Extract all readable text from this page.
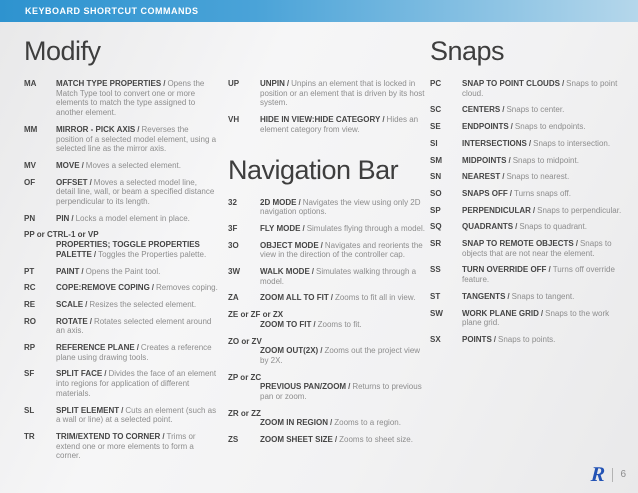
KEYBOARD SHORTCUT COMMANDS
Modify
MA	MATCH TYPE PROPERTIES / Opens the Match Type tool to convert one or more elements to match the type assigned to another element.
MM	MIRROR - PICK AXIS / Reverses the position of a selected model element, using a selected line as the mirror axis.
MV	MOVE / Moves a selected element.
OF	OFFSET / Moves a selected model line, detail line, wall, or beam a specified distance perpendicular to its length.
PN	PIN / Locks a model element in place.
PP or CTRL-1 or VP
PROPERTIES; TOGGLE PROPERTIES PALETTE / Toggles the Properties palette.
PT	PAINT / Opens the Paint tool.
RC	COPE:REMOVE COPING / Removes coping.
RE	SCALE / Resizes the selected element.
RO	ROTATE / Rotates selected element around an axis.
RP	REFERENCE PLANE / Creates a reference plane using drawing tools.
SF	SPLIT FACE / Divides the face of an element into regions for application of different materials.
SL	SPLIT ELEMENT / Cuts an element (such as a wall or line) at a selected point.
TR	TRIM/EXTEND TO CORNER / Trims or extend one or more elements to form a corner.
UP	UNPIN / Unpins an element that is locked in position or an element that is driven by its host system.
VH	HIDE IN VIEW:HIDE CATEGORY / Hides an element category from view.
Navigation Bar
32	2D MODE / Navigates the view using only 2D navigation options.
3F	FLY MODE / Simulates flying through a model.
3O	OBJECT MODE / Navigates and reorients the view in the direction of the controller cap.
3W	WALK MODE / Simulates walking through a model.
ZA	ZOOM ALL TO FIT / Zooms to fit all in view.
ZE or ZF or ZX
ZOOM TO FIT / Zooms to fit.
ZO or ZV
ZOOM OUT(2X) / Zooms out the project view by 2X.
ZP or ZC
PREVIOUS PAN/ZOOM / Returns to previous pan or zoom.
ZR or ZZ
ZOOM IN REGION / Zooms to a region.
ZS	ZOOM SHEET SIZE / Zooms to sheet size.
Snaps
PC	SNAP TO POINT CLOUDS / Snaps to point cloud.
SC	CENTERS / Snaps to center.
SE	ENDPOINTS / Snaps to endpoints.
SI	INTERSECTIONS / Snaps to intersection.
SM	MIDPOINTS / Snaps to midpoint.
SN	NEAREST / Snaps to nearest.
SO	SNAPS OFF / Turns snaps off.
SP	PERPENDICULAR / Snaps to perpendicular.
SQ	QUADRANTS / Snaps to quadrant.
SR	SNAP TO REMOTE OBJECTS / Snaps to objects that are not near the element.
SS	TURN OVERRIDE OFF / Turns off override feature.
ST	TANGENTS / Snaps to tangent.
SW	WORK PLANE GRID / Snaps to the work plane grid.
SX	POINTS / Snaps to points.
R 6
